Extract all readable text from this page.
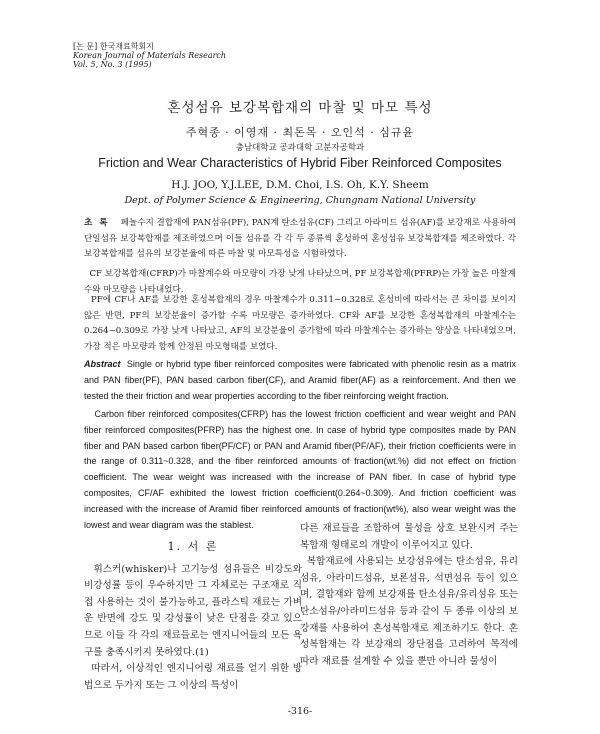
[논 문] 한국재료학회지
Korean Journal of Materials Research
Vol. 5, No. 3 (1995)
혼성섬유 보강복합재의 마찰 및 마모 특성
주혁종 · 이영재 · 최돈목 · 오인석 · 심규윤
충남대학교 공과대학 고분자공학과
Friction and Wear Characteristics of Hybrid Fiber Reinforced Composites
H.J. JOO, Y.J.LEE, D.M. Choi, I.S. Oh, K.Y. Sheem
Dept. of Polymer Science & Engineering, Chungnam National University

초 록 페놀수지 결합재에 PAN섬유(PF), PAN계 탄소섬유(CF) 그리고 아라미드 섬유(AF)를 보강재로 사용하여 단일섬유 보강복합재를 제조하였으며 이들 섬유를 각 각 두 종류씩 혼성하여 혼성섬유 보강복합재를 제조하였다. 각 보강복합재를 섬유의 보강분율에 따른 마찰 및 마모특성을 시험하였다.

CF 보강복합재(CFRP)가 마찰계수와 마모량이 가장 낮게 나타났으며, PF 보강복합재(PFRP)는 가장 높은 마찰계수와 마모량을 나타내었다.

PF에 CF나 AF를 보강한 혼성복합재의 경우 마찰계수가 0.311~0.328로 혼성비에 따라서는 큰 차이를 보이지 않은 반면, PF의 보강분율이 증가할 수록 마모량은 증가하였다. CF와 AF를 보강한 혼성복합재의 마찰계수는 0.264~0.309로 가장 낮게 나타났고, AF의 보강분율이 증가함에 따라 마찰계수는 증가하는 양상을 나타내었으며, 가장 적은 마모량과 함께 안정된 마모형태를 보였다.

Abstract Single or hybrid type fiber reinforced composites were fabricated with phenolic resin as a matrix and PAN fiber(PF), PAN based carbon fiber(CF), and Aramid fiber(AF) as a reinforcement. And then we tested the their friction and wear properties according to the fiber reinforcing weight fraction.

Carbon fiber reinforced composites(CFRP) has the lowest friction coefficient and wear weight and PAN fiber reinforced composites(PFRP) has the highest one. In case of hybrid type composites made by PAN fiber and PAN based carbon fiber(PF/CF) or PAN and Aramid fiber(PF/AF), their friction coefficients were in the range of 0.311~0.328, and the fiber reinforced amounts of fraction(wt.%) did not effect on friction coefficient. The wear weight was increased with the increase of PAN fiber. In case of hybrid type composites, CF/AF exhibited the lowest friction coefficient(0.264~0.309). And friction coefficient was increased with the increase of Aramid fiber reinforced amounts of fraction(wt%), also wear weight was the lowest and wear diagram was the stablest.

1. 서 론

휘스커(whisker)나 고기능성 섬유들은 비강도와 비강성률 등이 우수하지만 그 자체로는 구조재로 직접 사용하는 것이 불가능하고, 플라스틱 재료는 가벼운 반면에 강도 및 강성률이 낮은 단점을 갖고 있으므로 이들 각 각의 재료들로는 엔지니어들의 모든 욕구를 충족시키지 못하였다.(1)

따라서, 이상적인 엔지니어링 재료를 얻기 위한 방법으로 두가지 또는 그 이상의 특성이

다른 재료들을 조합하여 물성을 상호 보완시켜 주는 복합재 형태로의 개발이 이루어지고 있다.

복합재료에 사용되는 보강섬유에는 탄소섬유, 유리섬유, 아라미드섬유, 보론섬유, 석면섬유 등이 있으며, 결합재와 함께 보강재를 탄소섬유/유리섬유 또는 탄소섬유/아라미드섬유 등과 같이 두 종류 이상의 보강재를 사용하여 혼성복합재로 제조하기도 한다. 혼성복합재는 각 보강재의 장단점을 고려하여 목적에 따라 재료를 설계할 수 있을 뿐만 아니라 물성이

-316-
